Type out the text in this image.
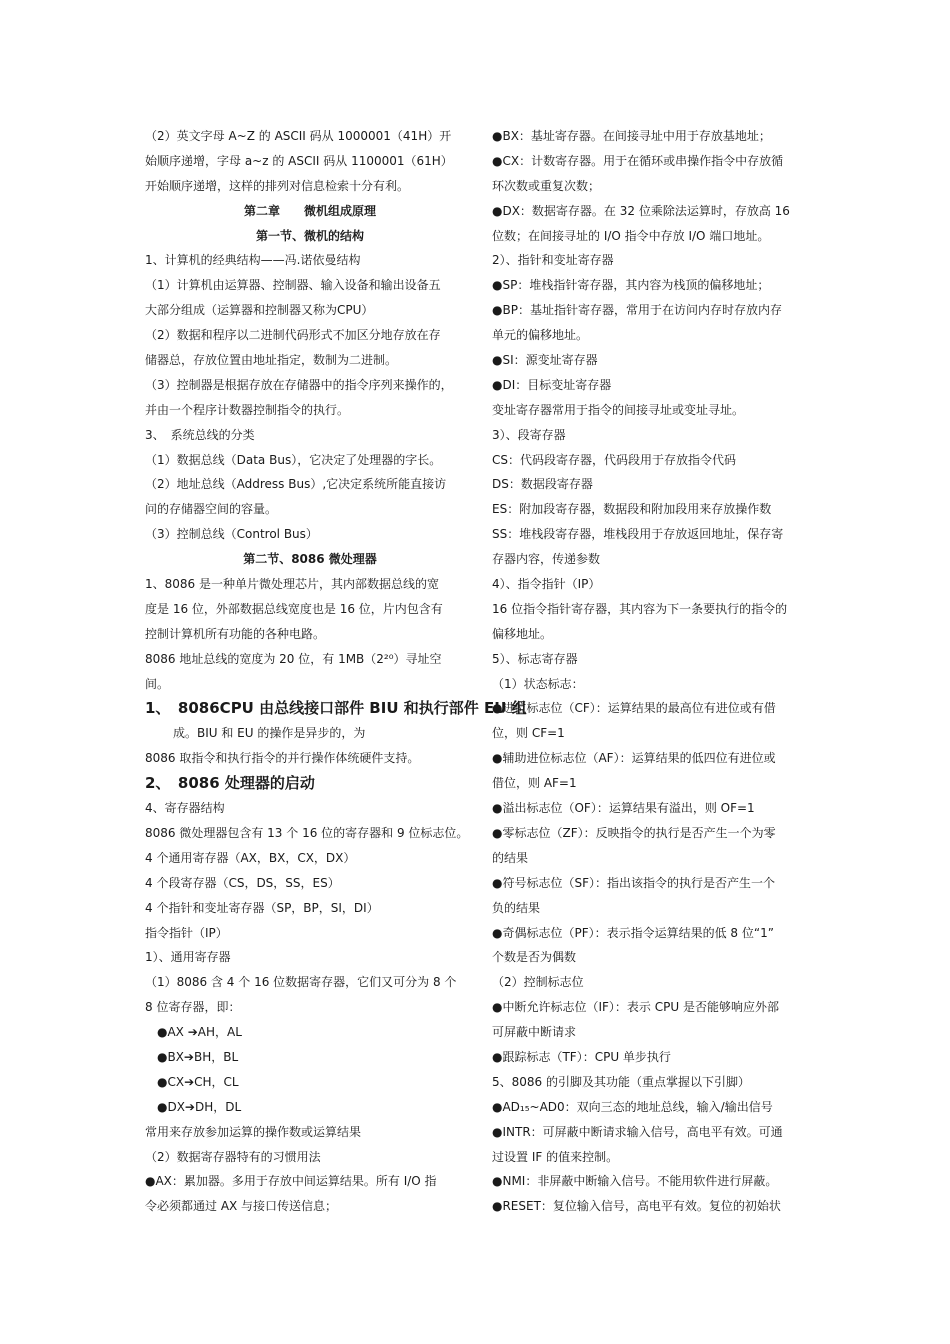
（2）英文字母 A~Z 的 ASCII 码从 1000001（41H）开
始顺序递增，字母 a~z 的 ASCII 码从 1100001（61H）
开始顺序递增，这样的排列对信息检索十分有利。
第二章　　微机组成原理
第一节、微机的结构
1、计算机的经典结构——冯.诺依曼结构
（1）计算机由运算器、控制器、输入设备和输出设备五
大部分组成（运算器和控制器又称为CPU）
（2）数据和程序以二进制代码形式不加区分地存放在存
储器总，存放位置由地址指定，数制为二进制。
（3）控制器是根据存放在存储器中的指令序列来操作的，
并由一个程序计数器控制指令的执行。
3、　系统总线的分类
（1）数据总线（Data Bus），它决定了处理器的字长。
（2）地址总线（Address Bus）,它决定系统所能直接访
问的存储器空间的容量。
（3）控制总线（Control Bus）
第二节、8086 微处理器
1、8086 是一种单片微处理芯片，其内部数据总线的宽
度是 16 位，外部数据总线宽度也是 16 位，片内包含有
控制计算机所有功能的各种电路。
8086 地址总线的宽度为 20 位，有 1MB（2²⁰）寻址空
间。
1、　8086CPU 由总线接口部件 BIU 和执行部件 EU 组
成。BIU 和 EU 的操作是异步的，为
8086 取指令和执行指令的并行操作体统硬件支持。
2、　8086 处理器的启动
4、寄存器结构
8086 微处理器包含有 13 个 16 位的寄存器和 9 位标志位。
4 个通用寄存器（AX，BX，CX，DX）
4 个段寄存器（CS，DS，SS，ES）
4 个指针和变址寄存器（SP，BP，SI，DI）
指令指针（IP）
1）、通用寄存器
（1）8086 含 4 个 16 位数据寄存器，它们又可分为 8 个
8 位寄存器，即：
●AX ➔AH，AL
●BX➔BH，BL
●CX➔CH，CL
●DX➔DH，DL
常用来存放参加运算的操作数或运算结果
（2）数据寄存器特有的习惯用法
●AX：累加器。多用于存放中间运算结果。所有 I/O 指
令必须都通过 AX 与接口传送信息；
●BX：基址寄存器。在间接寻址中用于存放基地址；
●CX：计数寄存器。用于在循环或串操作指令中存放循
环次数或重复次数；
●DX：数据寄存器。在 32 位乘除法运算时，存放高 16
位数；在间接寻址的 I/O 指令中存放 I/O 端口地址。
2）、指针和变址寄存器
●SP：堆栈指针寄存器，其内容为栈顶的偏移地址；
●BP：基址指针寄存器，常用于在访问内存时存放内存
单元的偏移地址。
●SI：源变址寄存器
●DI：目标变址寄存器
变址寄存器常用于指令的间接寻址或变址寻址。
3）、段寄存器
CS：代码段寄存器，代码段用于存放指令代码
DS：数据段寄存器
ES：附加段寄存器，数据段和附加段用来存放操作数
SS：堆栈段寄存器，堆栈段用于存放返回地址，保存寄
存器内容，传递参数
4）、指令指针（IP）
16 位指令指针寄存器，其内容为下一条要执行的指令的
偏移地址。
5）、标志寄存器
（1）状态标志：
●进位标志位（CF）：运算结果的最高位有进位或有借
位，则 CF=1
●辅助进位标志位（AF）：运算结果的低四位有进位或
借位，则 AF=1
●溢出标志位（OF）：运算结果有溢出，则 OF=1
●零标志位（ZF）：反映指令的执行是否产生一个为零
的结果
●符号标志位（SF）：指出该指令的执行是否产生一个
负的结果
●奇偶标志位（PF）：表示指令运算结果的低 8 位“1”
个数是否为偶数
（2）控制标志位
●中断允许标志位（IF）：表示 CPU 是否能够响应外部
可屏蔽中断请求
●跟踪标志（TF）：CPU 单步执行
5、8086 的引脚及其功能（重点掌握以下引脚）
●AD₁₅~AD0：双向三态的地址总线，输入/输出信号
●INTR：可屏蔽中断请求输入信号，高电平有效。可通
过设置 IF 的值来控制。
●NMI：非屏蔽中断输入信号。不能用软件进行屏蔽。
●RESET：复位输入信号，高电平有效。复位的初始状
